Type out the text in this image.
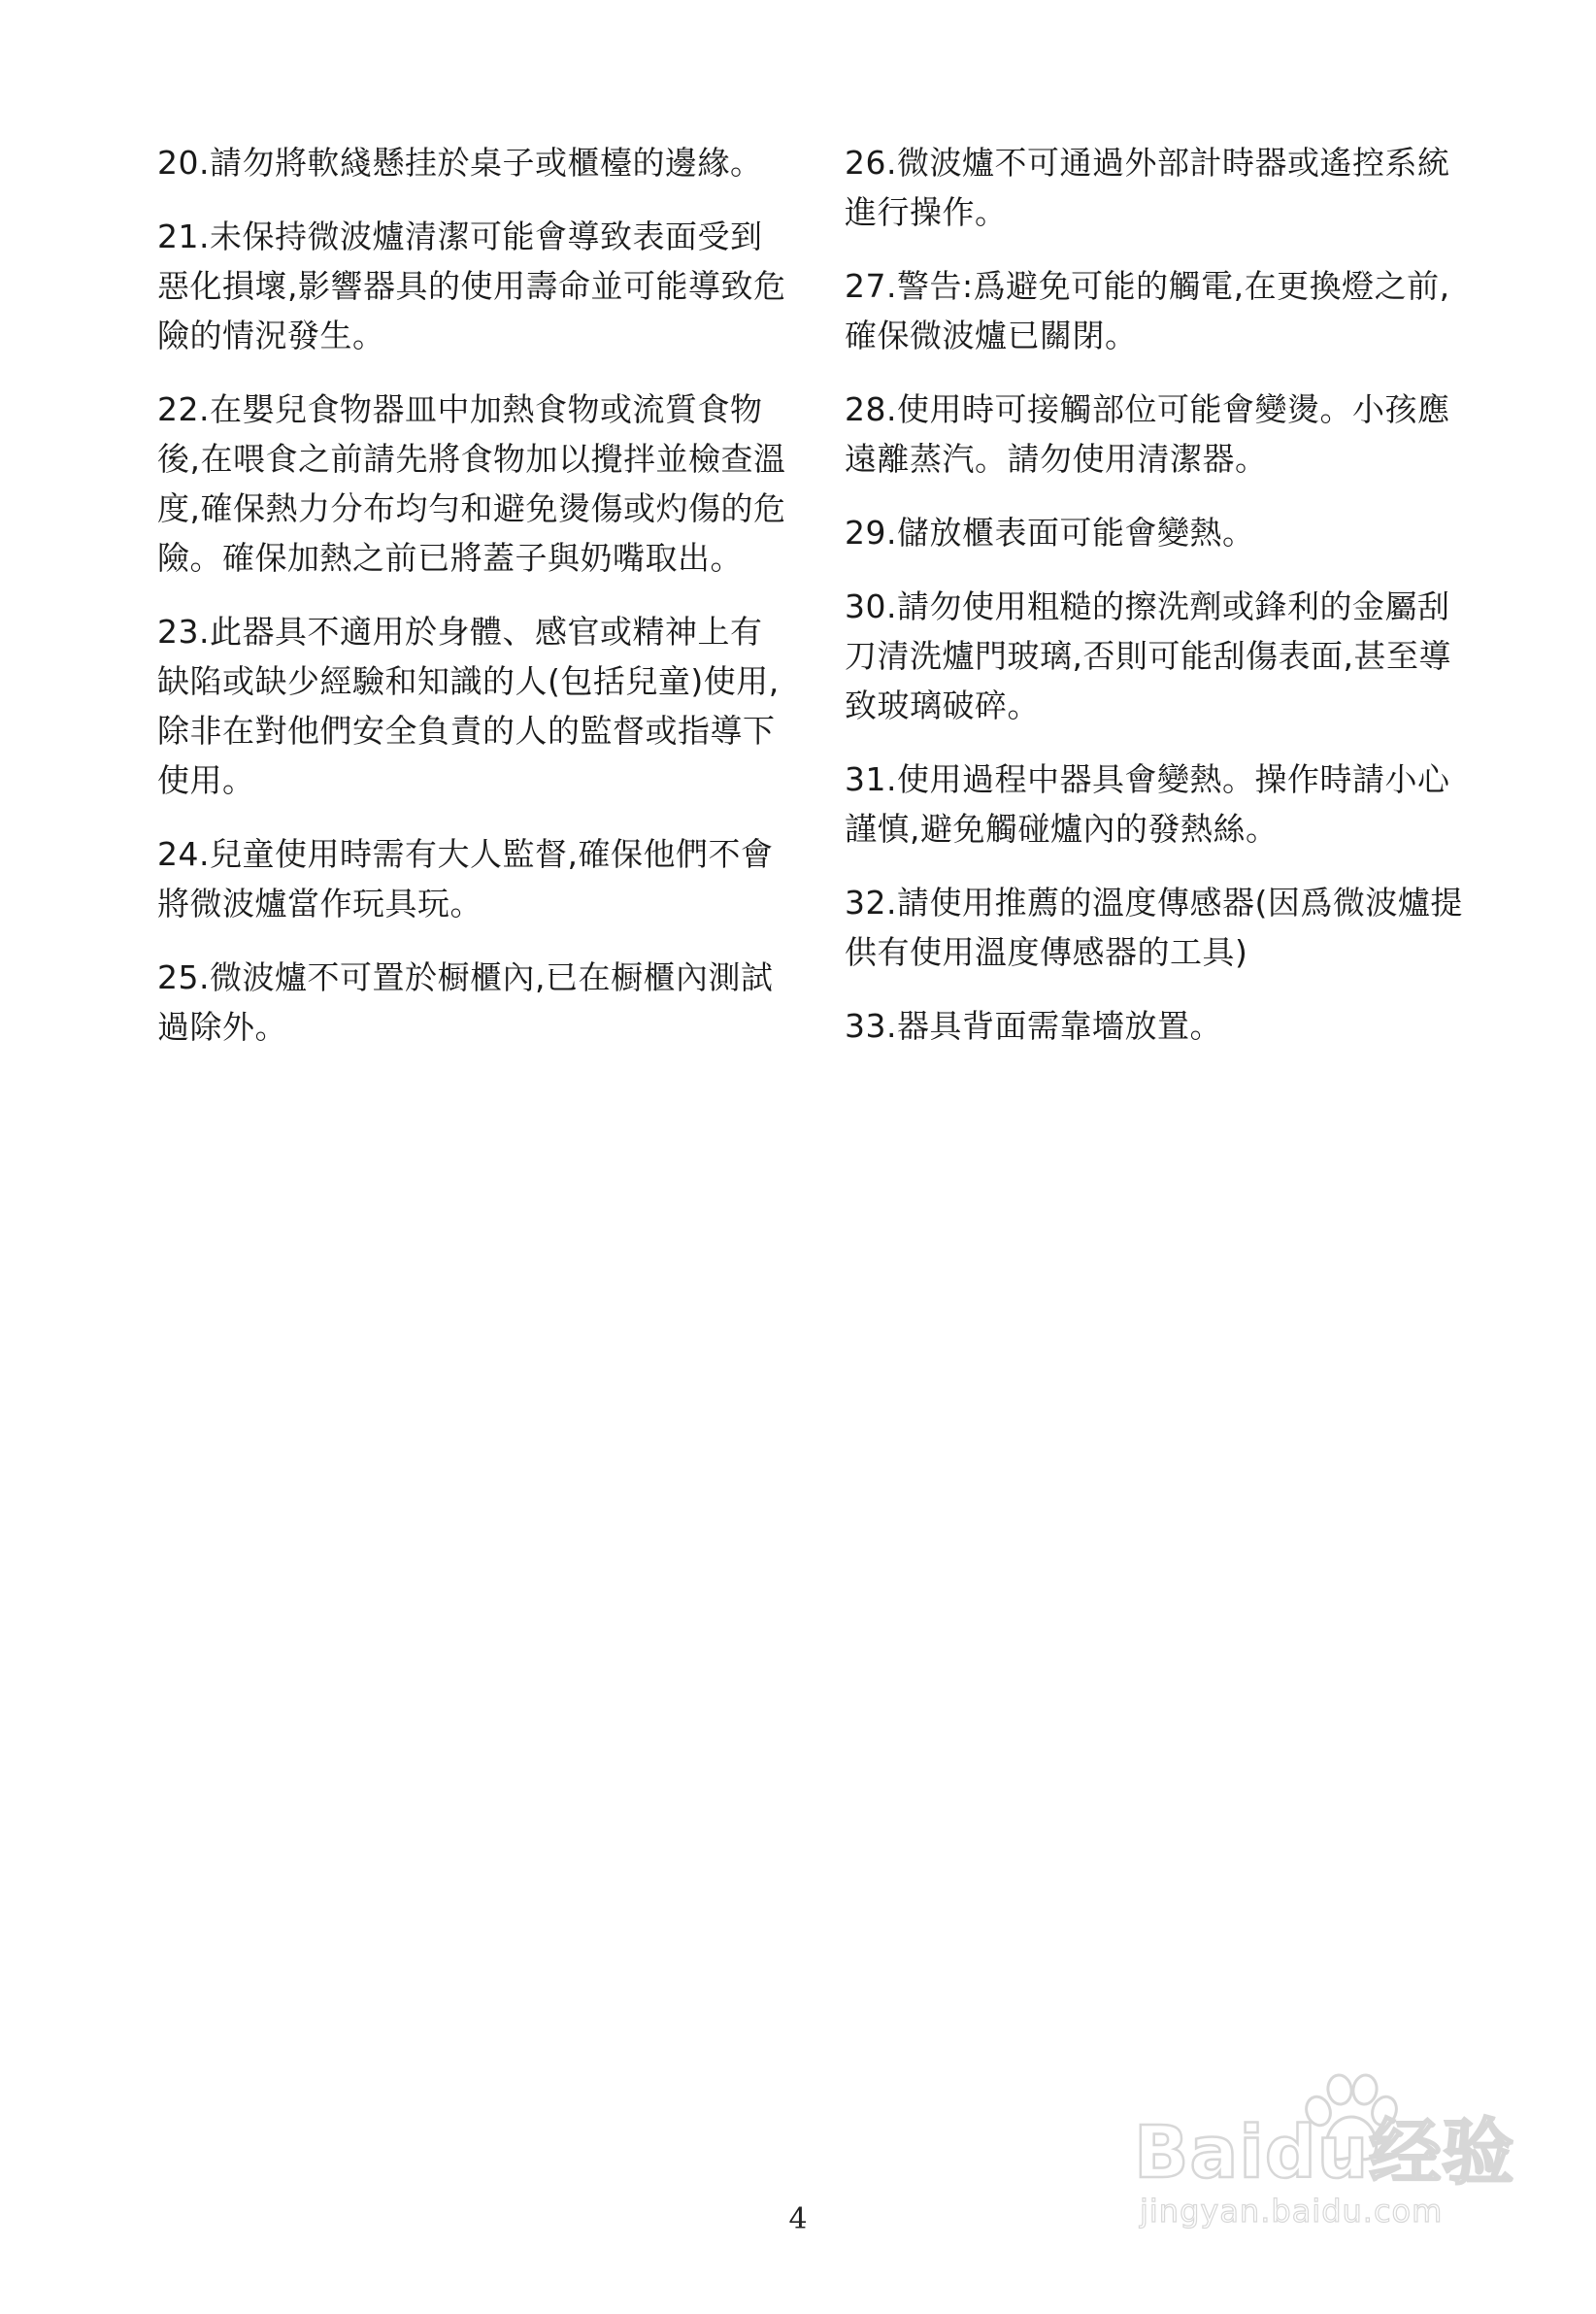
20.請勿將軟綫懸挂於桌子或櫃檯的邊緣。

21.未保持微波爐清潔可能會導致表面受到惡化損壞,影響器具的使用壽命並可能導致危險的情況發生。

22.在嬰兒食物器皿中加熱食物或流質食物後,在喂食之前請先將食物加以攪拌並檢查溫度,確保熱力分布均勻和避免燙傷或灼傷的危險。確保加熱之前已將蓋子與奶嘴取出。

23.此器具不適用於身體、感官或精神上有缺陷或缺少經驗和知識的人(包括兒童)使用,除非在對他們安全負責的人的監督或指導下使用。

24.兒童使用時需有大人監督,確保他們不會將微波爐當作玩具玩。

25.微波爐不可置於橱櫃內,已在橱櫃內測試過除外。

26.微波爐不可通過外部計時器或遙控系統進行操作。

27.警告:爲避免可能的觸電,在更換燈之前,確保微波爐已關閉。

28.使用時可接觸部位可能會變燙。小孩應遠離蒸汽。請勿使用清潔器。

29.儲放櫃表面可能會變熱。

30.請勿使用粗糙的擦洗劑或鋒利的金屬刮刀清洗爐門玻璃,否則可能刮傷表面,甚至導致玻璃破碎。

31.使用過程中器具會變熱。操作時請小心謹慎,避免觸碰爐內的發熱絲。

32.請使用推薦的溫度傳感器(因爲微波爐提供有使用溫度傳感器的工具)

33.器具背面需靠墻放置。

Baidu经验
jingyan.baidu.com
4
